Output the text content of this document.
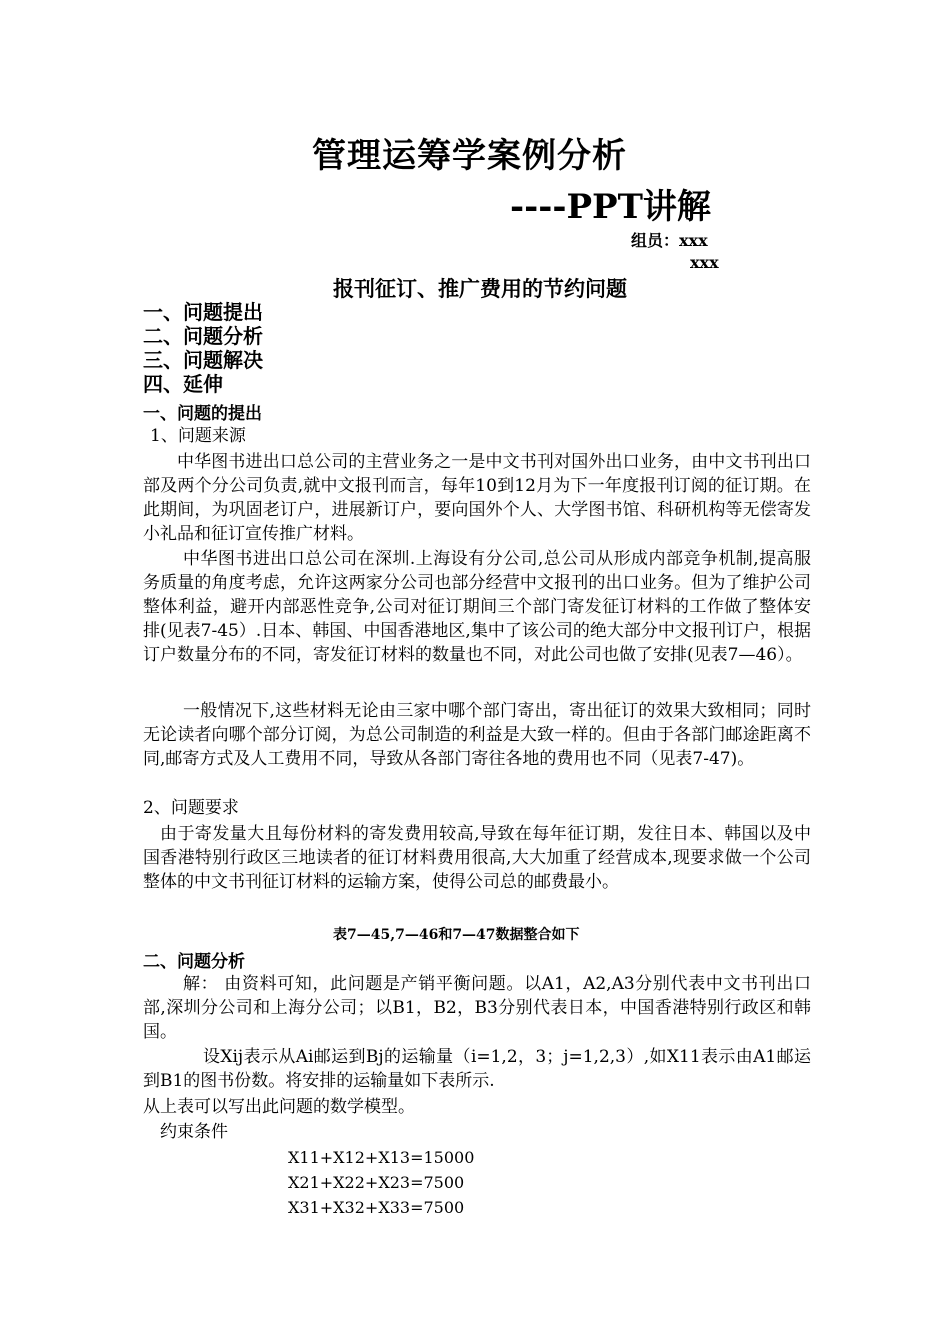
管理运筹学案例分析
----PPT讲解
组员：xxx
xxx
报刊征订、推广费用的节约问题
一、问题提出
二、问题分析
三、问题解决
四、延伸
一、问题的提出
1、问题来源
中华图书进出口总公司的主营业务之一是中文书刊对国外出口业务，由中文书刊出口部及两个分公司负责,就中文报刊而言，每年10到12月为下一年度报刊订阅的征订期。在此期间，为巩固老订户，进展新订户，要向国外个人、大学图书馆、科研机构等无偿寄发小礼品和征订宣传推广材料。
中华图书进出口总公司在深圳.上海设有分公司,总公司从形成内部竞争机制,提高服务质量的角度考虑，允许这两家分公司也部分经营中文报刊的出口业务。但为了维护公司整体利益，避开内部恶性竞争,公司对征订期间三个部门寄发征订材料的工作做了整体安排(见表7-45）.日本、韩国、中国香港地区,集中了该公司的绝大部分中文报刊订户，根据订户数量分布的不同，寄发征订材料的数量也不同，对此公司也做了安排(见表7—46）。
一般情况下,这些材料无论由三家中哪个部门寄出，寄出征订的效果大致相同；同时无论读者向哪个部分订阅，为总公司制造的利益是大致一样的。但由于各部门邮途距离不同,邮寄方式及人工费用不同，导致从各部门寄往各地的费用也不同（见表7-47)。
2、问题要求
由于寄发量大且每份材料的寄发费用较高,导致在每年征订期，发往日本、韩国以及中国香港特别行政区三地读者的征订材料费用很高,大大加重了经营成本,现要求做一个公司整体的中文书刊征订材料的运输方案，使得公司总的邮费最小。
表7—45,7—46和7—47数据整合如下
二、问题分析
解： 由资料可知，此问题是产销平衡问题。以A1，A2,A3分别代表中文书刊出口部,深圳分公司和上海分公司；以B1，B2，B3分别代表日本，中国香港特别行政区和韩国。
设Xij表示从Ai邮运到Bj的运输量（i=1,2，3；j=1,2,3）,如X11表示由A1邮运到B1的图书份数。将安排的运输量如下表所示.
从上表可以写出此问题的数学模型。
约束条件
X11+X12+X13=15000
X21+X22+X23=7500
X31+X32+X33=7500
